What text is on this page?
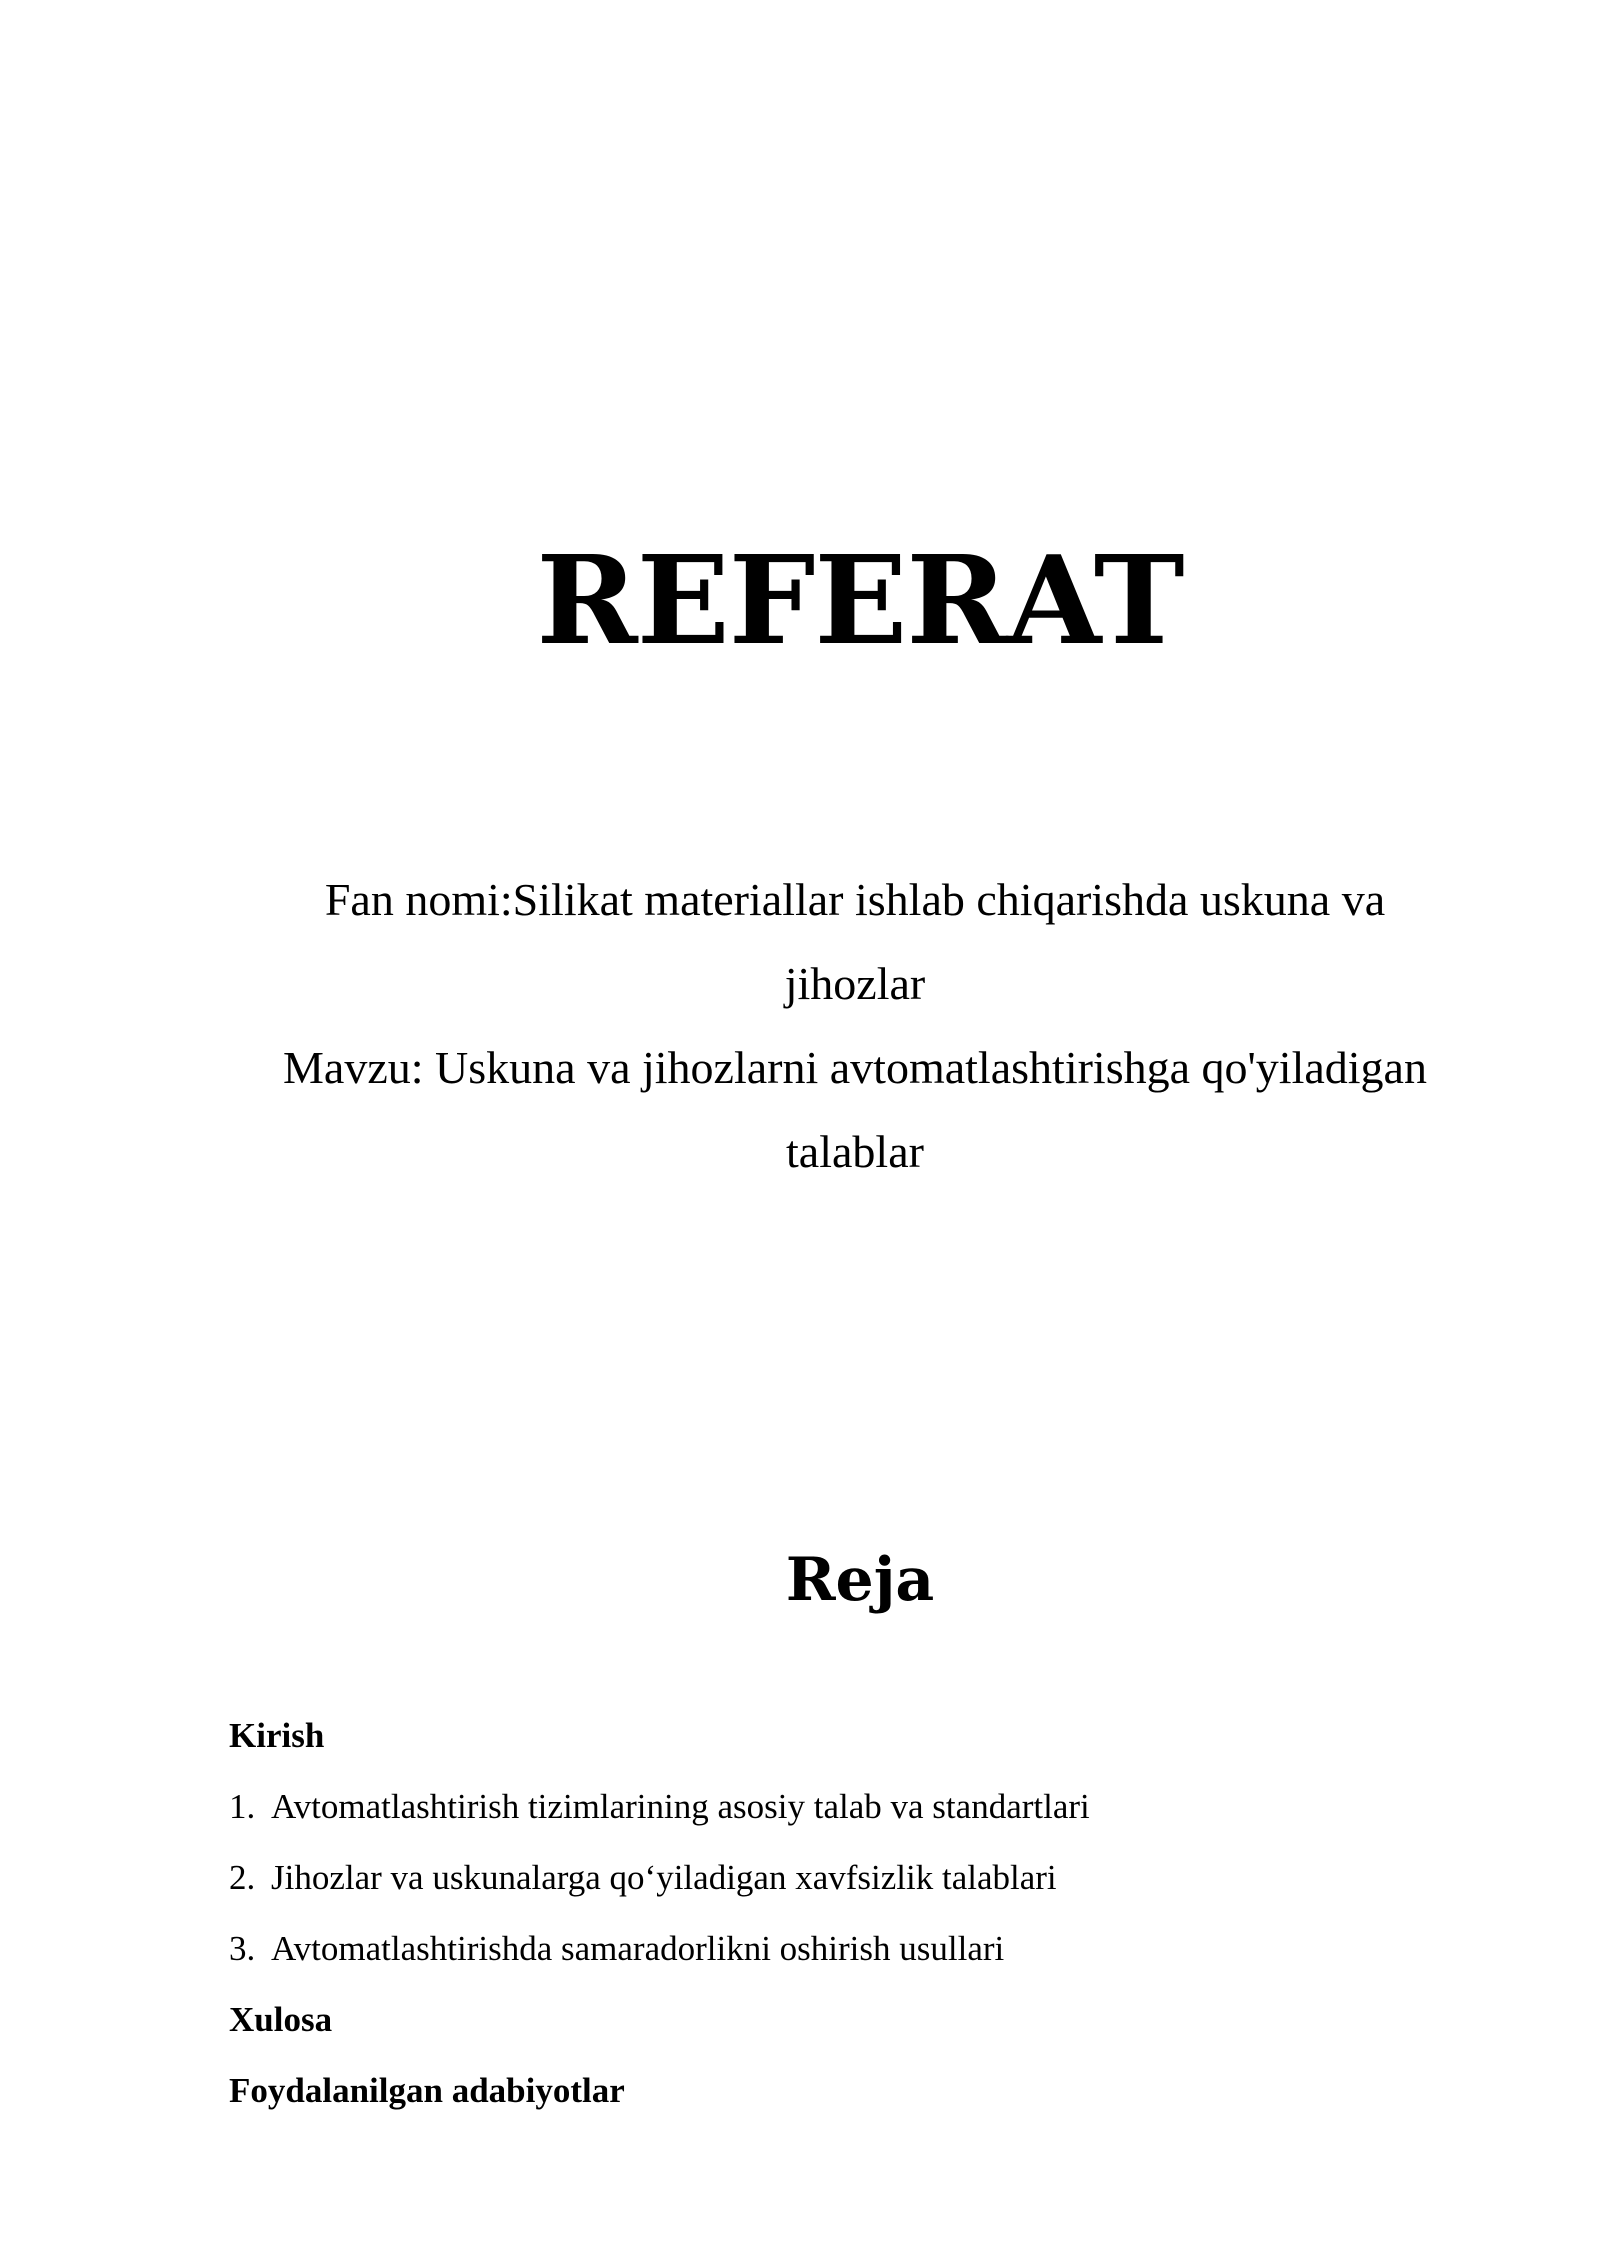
REFERAT

Fan nomi:Silikat materiallar ishlab chiqarishda uskuna va

jihozlar

Mavzu: Uskuna va jihozlarni avtomatlashtirishga qo'yiladigan

talablar

Reja
Kirish
1. Avtomatlashtirish tizimlarining asosiy talab va standartlari
2. Jihozlar va uskunalarga qo‘yiladigan xavfsizlik talablari
3. Avtomatlashtirishda samaradorlikni oshirish usullari
Xulosa
Foydalanilgan adabiyotlar
